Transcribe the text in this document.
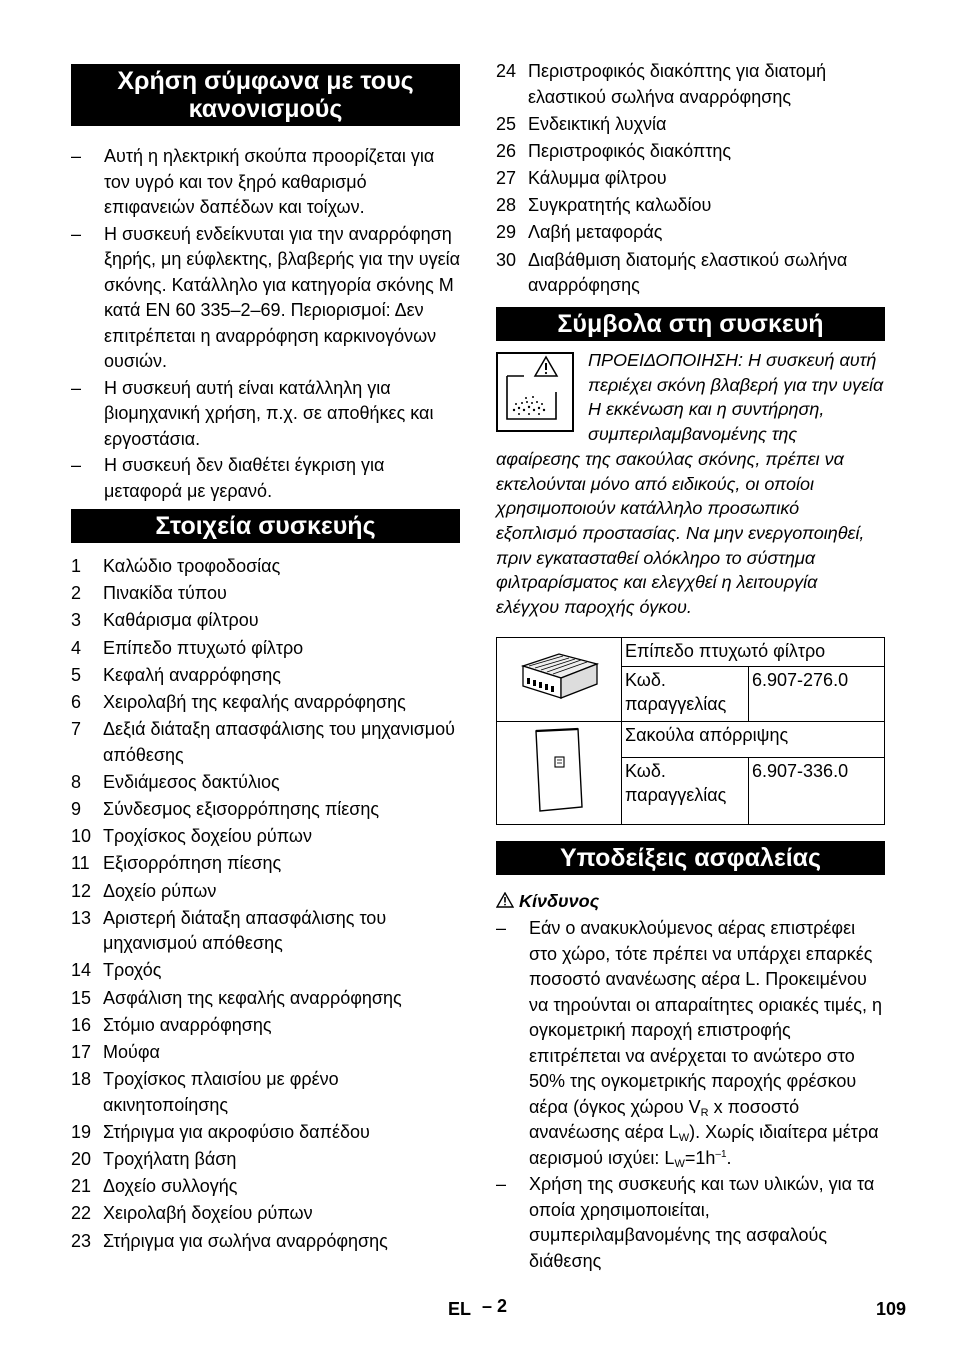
Χρήση σύμφωνα με τους κανονισμούς
– Αυτή η ηλεκτρική σκούπα προορίζεται για τον υγρό και τον ξηρό καθαρισμό επιφανειών δαπέδων και τοίχων.
– Η συσκευή ενδείκνυται για την αναρρόφηση ξηρής, μη εύφλεκτης, βλαβερής για την υγεία σκόνης. Κατάλληλο για κατηγορία σκόνης M κατά EN 60 335–2–69. Περιορισμοί: Δεν επιτρέπεται η αναρρόφηση καρκινογόνων ουσιών.
– Η συσκευή αυτή είναι κατάλληλη για βιομηχανική χρήση, π.χ. σε αποθήκες και εργοστάσια.
– Η συσκευή δεν διαθέτει έγκριση για μεταφορά με γερανό.
Στοιχεία συσκευής
1 Καλώδιο τροφοδοσίας
2 Πινακίδα τύπου
3 Καθάρισμα φίλτρου
4 Επίπεδο πτυχωτό φίλτρο
5 Κεφαλή αναρρόφησης
6 Χειρολαβή της κεφαλής αναρρόφησης
7 Δεξιά διάταξη απασφάλισης του μηχανισμού απόθεσης
8 Ενδιάμεσος δακτύλιος
9 Σύνδεσμος εξισορρόπησης πίεσης
10 Τροχίσκος δοχείου ρύπων
11 Εξισορρόπηση πίεσης
12 Δοχείο ρύπων
13 Αριστερή διάταξη απασφάλισης του μηχανισμού απόθεσης
14 Τροχός
15 Ασφάλιση της κεφαλής αναρρόφησης
16 Στόμιο αναρρόφησης
17 Μούφα
18 Τροχίσκος πλαισίου με φρένο ακινητοποίησης
19 Στήριγμα για ακροφύσιο δαπέδου
20 Τροχήλατη βάση
21 Δοχείο συλλογής
22 Χειρολαβή δοχείου ρύπων
23 Στήριγμα για σωλήνα αναρρόφησης
24 Περιστροφικός διακόπτης για διατομή ελαστικού σωλήνα αναρρόφησης
25 Ενδεικτική λυχνία
26 Περιστροφικός διακόπτης
27 Κάλυμμα φίλτρου
28 Συγκρατητής καλωδίου
29 Λαβή μεταφοράς
30 Διαβάθμιση διατομής ελαστικού σωλήνα αναρρόφησης
Σύμβολα στη συσκευή
ΠΡΟΕΙΔΟΠΟΙΗΣΗ: Η συσκευή αυτή περιέχει σκόνη βλαβερή για την υγεία Η εκκένωση και η συντήρηση, συμπεριλαμβανομένης της αφαίρεσης της σακούλας σκόνης, πρέπει να εκτελούνται μόνο από ειδικούς, οι οποίοι χρησιμοποιούν κατάλληλο προσωπικό εξοπλισμό προστασίας. Να μην ενεργοποιηθεί, πριν εγκατασταθεί ολόκληρο το σύστημα φιλτραρίσματος και ελεγχθεί η λειτουργία ελέγχου παροχής όγκου.
	Επίπεδο πτυχωτό φίλτρο	
	Κωδ. παραγγελίας	6.907-276.0
	Σακούλα απόρριψης	
	Κωδ. παραγγελίας	6.907-336.0
Υποδείξεις ασφαλείας
Κίνδυνος
– Εάν ο ανακυκλούμενος αέρας επιστρέφει στο χώρο, τότε πρέπει να υπάρχει επαρκές ποσοστό ανανέωσης αέρα L. Προκειμένου να τηρούνται οι απαραίτητες οριακές τιμές, η ογκομετρική παροχή επιστροφής επιτρέπεται να ανέρχεται το ανώτερο στο 50% της ογκομετρικής παροχής φρέσκου αέρα (όγκος χώρου $V_R$ x ποσοστό ανανέωσης αέρα $L_W$). Χωρίς ιδιαίτερα μέτρα αερισμού ισχύει: $L_W=1h^{-1}$.
– Χρήση της συσκευής και των υλικών, για τα οποία χρησιμοποιείται, συμπεριλαμβανομένης της ασφαλούς διάθεσης
EL – 2	109
